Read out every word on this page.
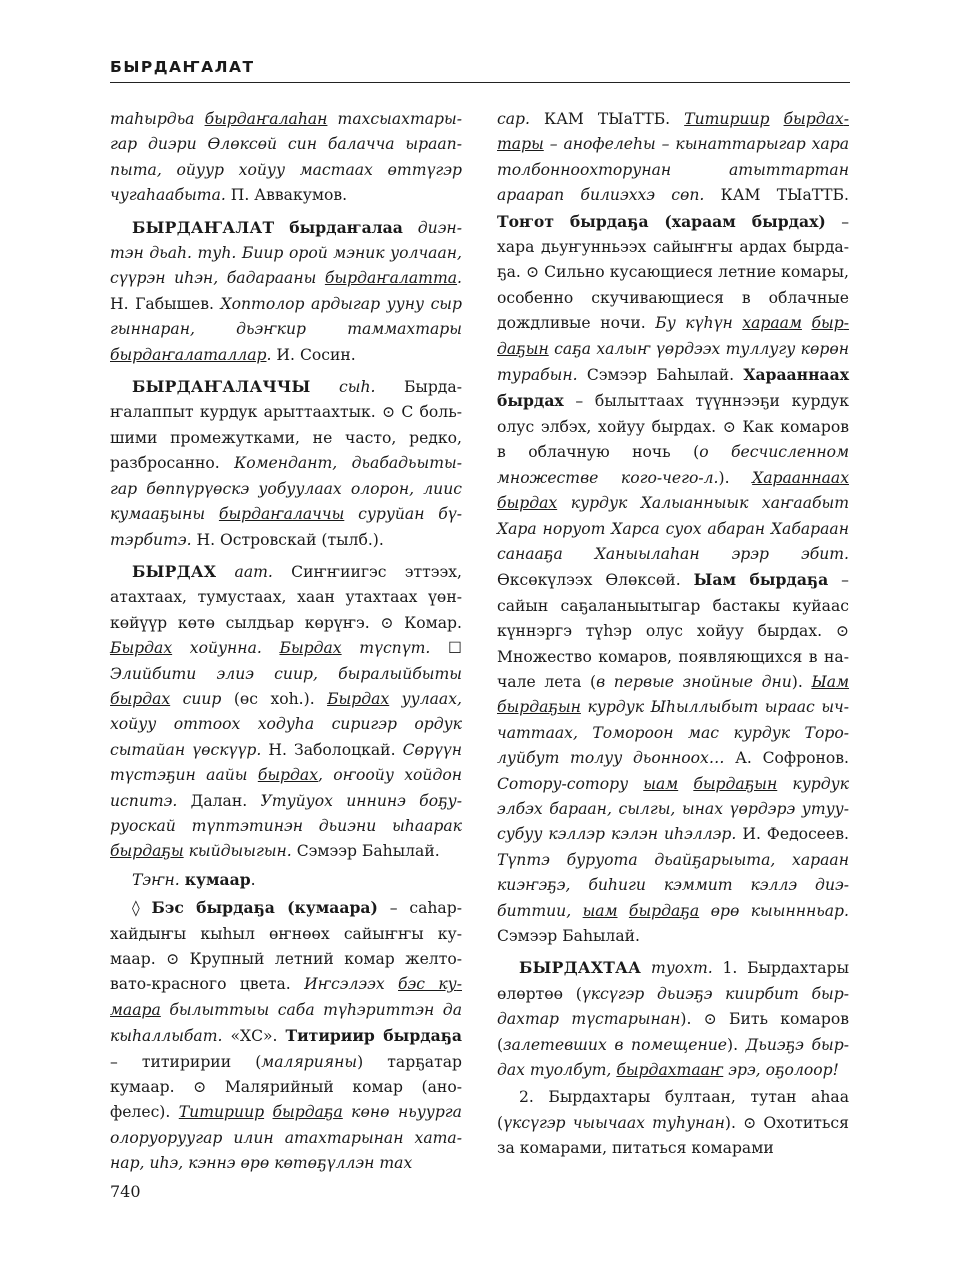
БЫРДАҤАЛАТ

таһырдьа бырдаҥалаһан тахсыахтарыгар диэри Өлөксөй син балачча ырааппыта, ойуур хойуу мастаах өттүгэр чугаһаабыта. П. Аввакумов.

БЫРДАҤАЛАТ бырдаҥалаа диэнтэн дьаһ. туһ. Биир орой мэник уолчаан, сүүрэн иһэн, бадарааны бырдаҥалатта. Н. Габышев. Хоптолор ардыгар ууну сыр гыннаран, дьэҥкир таммахтары бырдаҥалаталлар. И. Сосин.

БЫРДАҤАЛАЧЧЫ сыһ. Бырдаҥалаппыт курдук арыттаахтык. ⊙ С большими промежутками, не часто, редко, разбросанно. Комендант, дьабадьытыгар бөппүрүөскэ уобуулаах олорон, лиис кумааҕыны бырдаҥалаччы суруйан бүтэрбитэ. Н. Островскай (тылб.).

БЫРДАХ аат. Сиҥҥиигэс эттээх, атахтаах, тумустаах, хаан утахтаах үөнкөйүүр көтө сылдьар көрүҥэ. ⊙ Комар. Бырдах хойунна. Бырдах түспүт. ☐ Элийбити элиэ сиир, быралыйбыты бырдах сиир (өс хоһ.). Бырдах уулаах, хойуу оттоох ходуһа сиригэр ордук сытайан үөскүүр. Н. Заболоцкай. Сөрүүн түстэҕин аайы бырдах, оҥоойу хойдон испитэ. Далан. Утуйуох иннинэ боҕуруоскай түптэтинэн дьиэни ыһаарак бырдаҕы кыйдыыгын. Сэмээр Баһылай.

Тэҥн. кумаар.

◊ Бэс бырдаҕа (кумаара) – саһархайдыҥы кыһыл өҥнөөх сайыҥҥы кумаар. ⊙ Крупный летний комар желтовато-красного цвета. Иҥсэлээх бэс кумаара былыттыы саба түһэриттэн да кыһаллыбат. «ХС». Титириир бырдаҕа – титиририи (малярияны) тарҕатар кумаар. ⊙ Малярийный комар (анофелес). Титириир бырдаҕа көнө ньуурга олоруоруугар илин атахтарынан хатанар, иһэ, кэннэ өрө көтөҕүллэн тах

сар. КАМ ТЫаТТБ. Титириир бырдахтары – анофелеһы – кынаттарыгар хара толбонноохторунан атыттартан араарan билиэххэ сөп. КАМ ТЫаТТБ. Тоҥот бырдаҕа (хараам бырдах) – хара дьуҥунньээх сайыҥҥы ардах бырдаҕа. ⊙ Сильно кусающиеся летние комары, особенно скучивающиеся в облачные дождливые ночи. Бу күһүн хараам бырдаҕын саҕа халыҥ үөрдээх туллугу көрөн турабын. Сэмээр Баһылай. Харааннаах бырдах – былыттаах түүннээҕи курдук олус элбэх, хойуу бырдах. ⊙ Как комаров в облачную ночь (о бесчисленном множестве кого-чего-л.). Харааннаах бырдах курдук Халыанныык хаҥаабыт Хара норуот Харса суох абаран Хабараан санааҕа Ханыылаһан эрэр эбит. Өксөкүлээх Өлөксөй. Ыам бырдаҕа – сайын саҕаланыытыгар бастакы куйаас күннэргэ түһэр олус хойуу бырдах. ⊙ Множество комаров, появляющихся в начале лета (в первые знойные дни). Ыам бырдаҕын курдук Ыһыллыбыт ыраас ыччаттаах, Томороон мас курдук Торолуйбут толуу дьоннооx… А. Софронов. Сотору-сотору ыам бырдаҕын курдук элбэх бараан, сылгы, ынах үөрдэрэ утуусубуу кэллэр кэлэн иһэллэр. И. Федосеев. Түптэ буруота дьайҕарыыта, хараан киэҥэҕэ, биһиги кэммит кэллэ диэбиттии, ыам бырдаҕа өрө кыыннньар. Сэмээр Баһылай.

БЫРДАХТАА туохт. 1. Бырдахтары өлөртөө (үксүгэр дьиэҕэ киирбит бырдахтар түстарынан). ⊙ Бить комаров (залетевших в помещение). Дьиэҕэ бырдах туолбут, бырдахтааҥ эрэ, оҕолоор!

2. Бырдахтары бултаан, тутан аһаа (үксүгэр чыычаах туһунан). ⊙ Охотиться за комарами, питаться комарами

740
